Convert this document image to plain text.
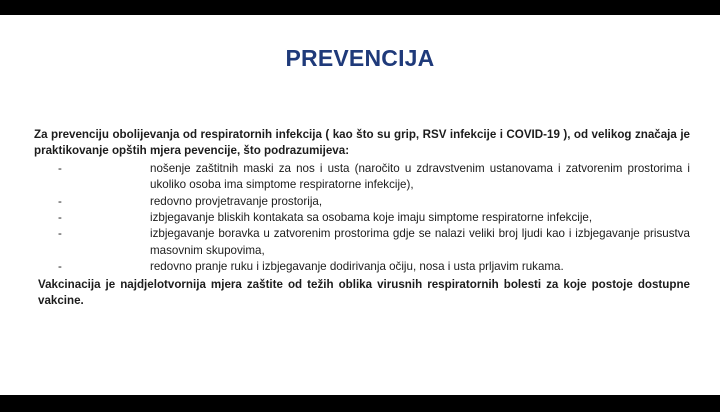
PREVENCIJA
Za prevenciju obolijevanja od respiratornih infekcija ( kao što su grip, RSV infekcije i COVID-19 ), od velikog značaja je praktikovanje opštih mjera pevencije, što podrazumijeva:
-	nošenje zaštitnih maski za nos i usta (naročito u zdravstvenim ustanovama i zatvorenim prostorima i ukoliko osoba ima simptome respiratorne infekcije),
-	redovno provjetravanje prostorija,
-	izbjegavanje bliskih kontakata sa osobama koje imaju simptome respiratorne infekcije,
-	izbjegavanje boravka u zatvorenim prostorima gdje se nalazi veliki broj ljudi kao i izbjegavanje prisustva masovnim skupovima,
-	redovno pranje ruku i izbjegavanje dodirivanja očiju, nosa i usta prljavim rukama.
Vakcinacija je najdjelotvornija mjera zaštite od težih oblika virusnih respiratornih bolesti za koje postoje dostupne vakcine.
